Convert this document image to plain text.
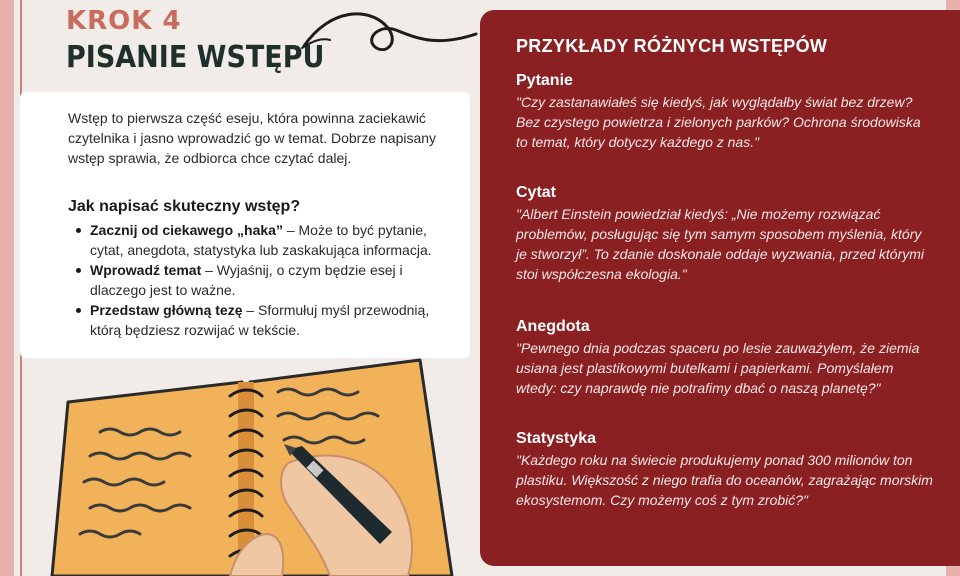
KROK 4
PISANIE WSTĘPU

Wstęp to pierwsza część eseju, która powinna zaciekawić czytelnika i jasno wprowadzić go w temat. Dobrze napisany wstęp sprawia, że odbiorca chce czytać dalej.

Jak napisać skuteczny wstęp?
Zacznij od ciekawego „haka” – Może to być pytanie, cytat, anegdota, statystyka lub zaskakująca informacja.
Wprowadź temat – Wyjaśnij, o czym będzie esej i dlaczego jest to ważne.
Przedstaw główną tezę – Sformułuj myśl przewodnią, którą będziesz rozwijać w tekście.
PRZYKŁADY RÓŻNYCH WSTĘPÓW
Pytanie

"Czy zastanawiałeś się kiedyś, jak wyglądałby świat bez drzew? Bez czystego powietrza i zielonych parków? Ochrona środowiska to temat, który dotyczy każdego z nas."

Cytat

"Albert Einstein powiedział kiedyś: „Nie możemy rozwiązać problemów, posługując się tym samym sposobem myślenia, który je stworzył”. To zdanie doskonale oddaje wyzwania, przed którymi stoi współczesna ekologia."

Anegdota

"Pewnego dnia podczas spaceru po lesie zauważyłem, że ziemia usiana jest plastikowymi butelkami i papierkami. Pomyślałem wtedy: czy naprawdę nie potrafimy dbać o naszą planetę?"

Statystyka

"Każdego roku na świecie produkujemy ponad 300 milionów ton plastiku. Większość z niego trafia do oceanów, zagrażając morskim ekosystemom. Czy możemy coś z tym zrobić?"
